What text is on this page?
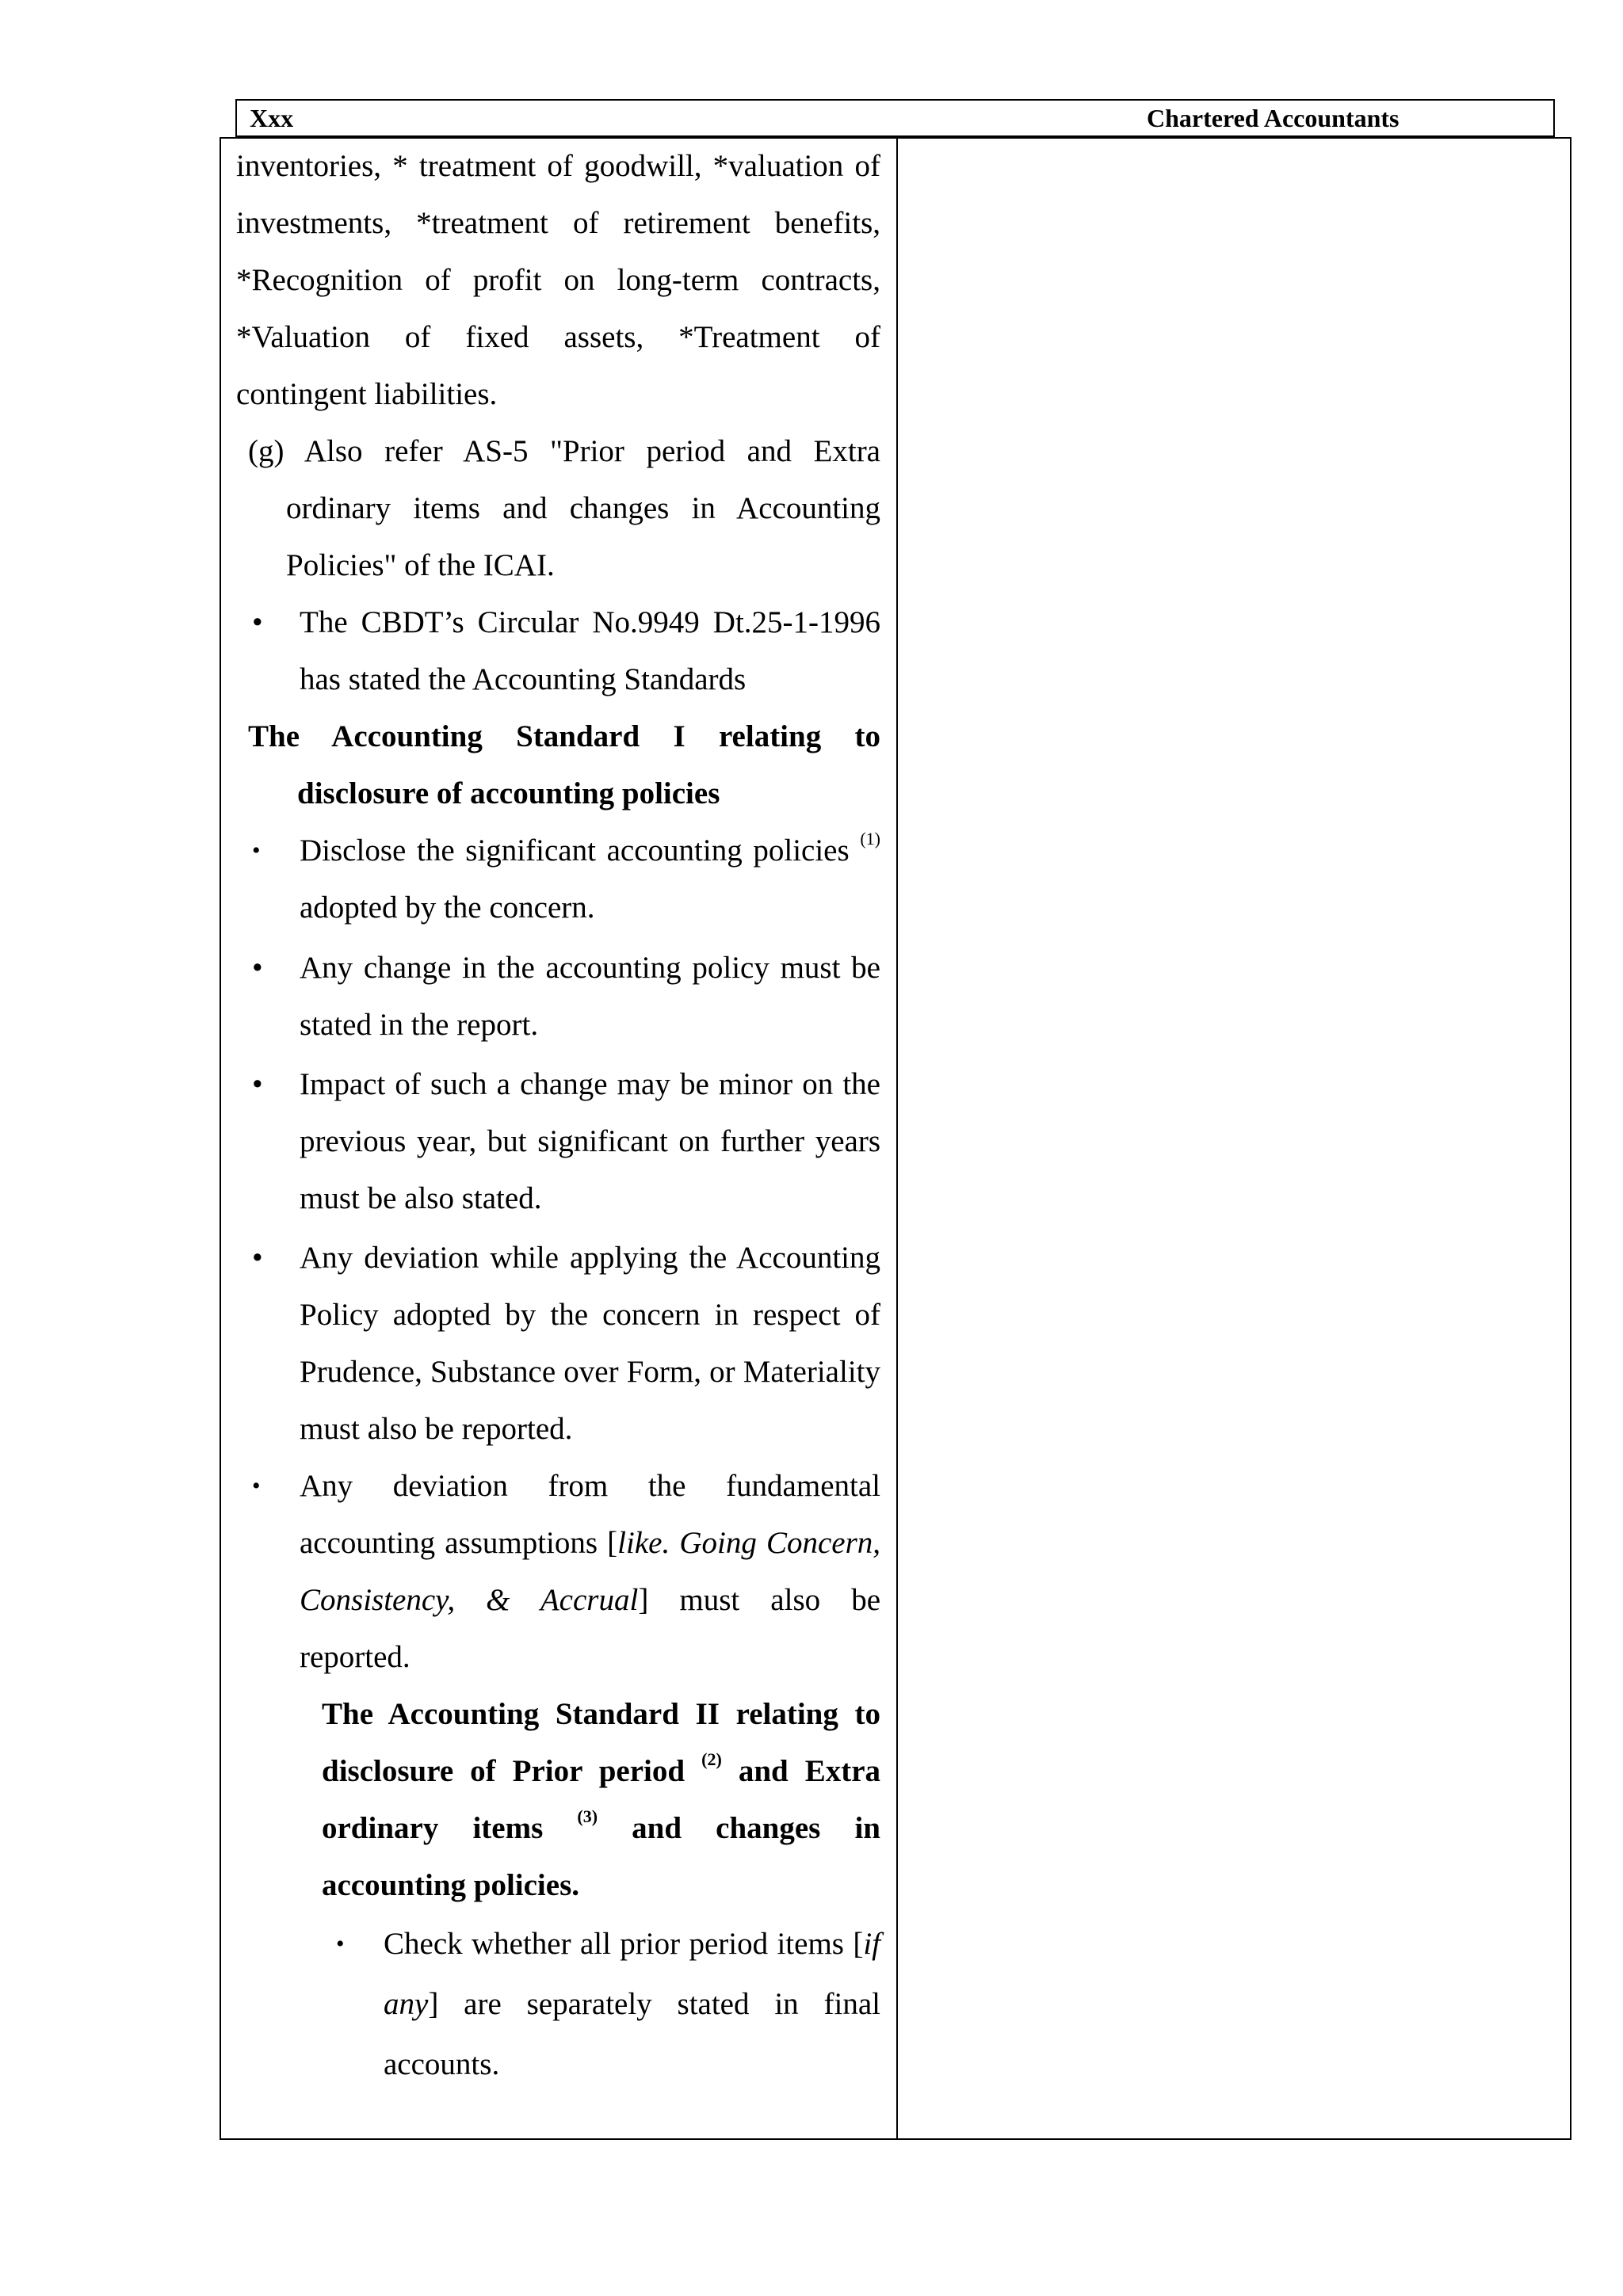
Xxx	Chartered Accountants

inventories, * treatment of goodwill, *valuation of investments, *treatment of retirement benefits, *Recognition of profit on long-term contracts, *Valuation of fixed assets, *Treatment of contingent liabilities.

(g) Also refer AS-5 "Prior period and Extra ordinary items and changes in Accounting Policies" of the ICAI.

• The CBDT’s Circular No.9949 Dt.25-1-1996 has stated the Accounting Standards
The Accounting Standard I relating to disclosure of accounting policies
• Disclose the significant accounting policies $^{(1)}$ adopted by the concern.
• Any change in the accounting policy must be stated in the report.
• Impact of such a change may be minor on the previous year, but significant on further years must be also stated.
• Any deviation while applying the Accounting Policy adopted by the concern in respect of Prudence, Substance over Form, or Materiality must also be reported.
• Any deviation from the fundamental accounting assumptions [like. Going Concern, Consistency, & Accrual] must also be reported.
The Accounting Standard II relating to disclosure of Prior period $^{(2)}$ and Extra ordinary items $^{(3)}$ and changes in accounting policies.
• Check whether all prior period items [if any] are separately stated in final accounts.
